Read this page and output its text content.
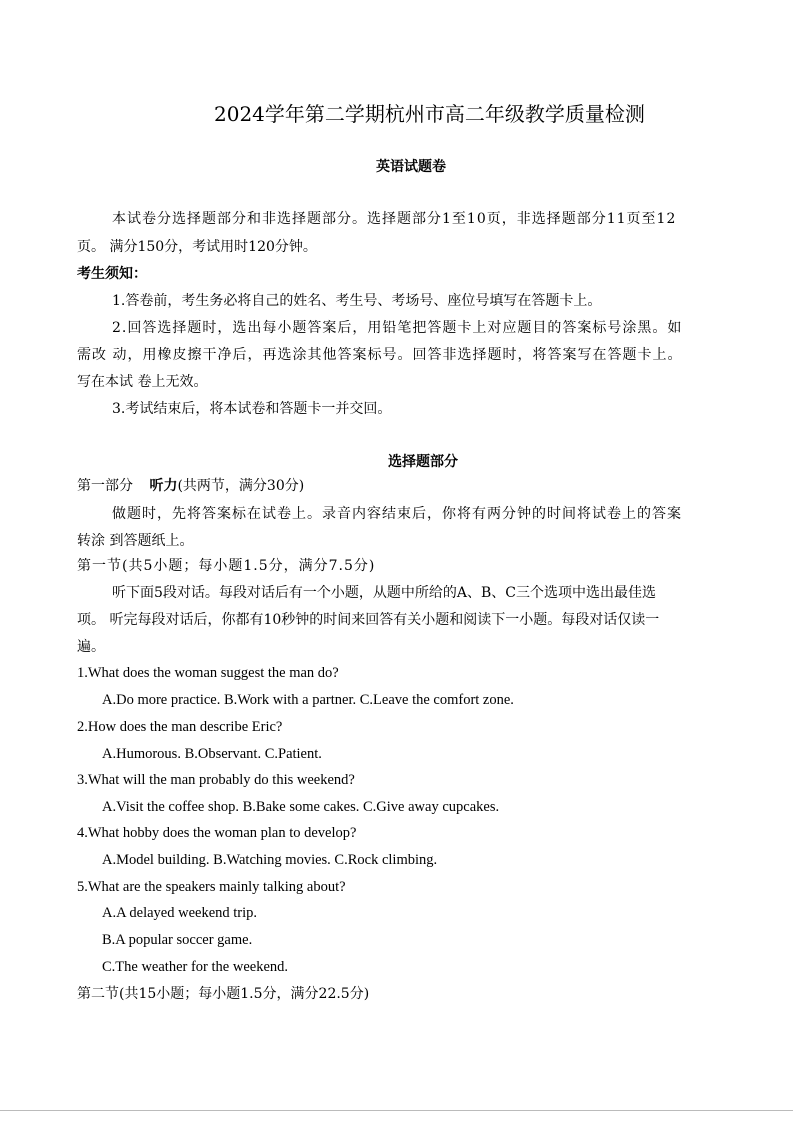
2024学年第二学期杭州市高二年级教学质量检测
英语试题卷
本试卷分选择题部分和非选择题部分。选择题部分1至10页，非选择题部分11页至12
页。 满分150分，考试用时120分钟。
考生须知：
1.答卷前，考生务必将自己的姓名、考生号、考场号、座位号填写在答题卡上。
2.回答选择题时，选出每小题答案后，用铅笔把答题卡上对应题目的答案标号涂黑。如
需改 动，用橡皮擦干净后，再选涂其他答案标号。回答非选择题时，将答案写在答题卡上。
写在本试 卷上无效。
3.考试结束后，将本试卷和答题卡一并交回。
选择题部分
第一部分 听力(共两节，满分30分)
做题时，先将答案标在试卷上。录音内容结束后，你将有两分钟的时间将试卷上的答案
转涂 到答题纸上。
第一节(共5小题；每小题1.5分，满分7.5分)
听下面5段对话。每段对话后有一个小题，从题中所给的A、B、C三个选项中选出最佳选
项。 听完每段对话后，你都有10秒钟的时间来回答有关小题和阅读下一小题。每段对话仅读一
遍。
1.What does the woman suggest the man do?
A.Do more practice. B.Work with a partner. C.Leave the comfort zone.
2.How does the man describe Eric?
A.Humorous. B.Observant. C.Patient.
3.What will the man probably do this weekend?
A.Visit the coffee shop. B.Bake some cakes. C.Give away cupcakes.
4.What hobby does the woman plan to develop?
A.Model building. B.Watching movies. C.Rock climbing.
5.What are the speakers mainly talking about?
A.A delayed weekend trip.
B.A popular soccer game.
C.The weather for the weekend.
第二节(共15小题；每小题1.5分，满分22.5分)
